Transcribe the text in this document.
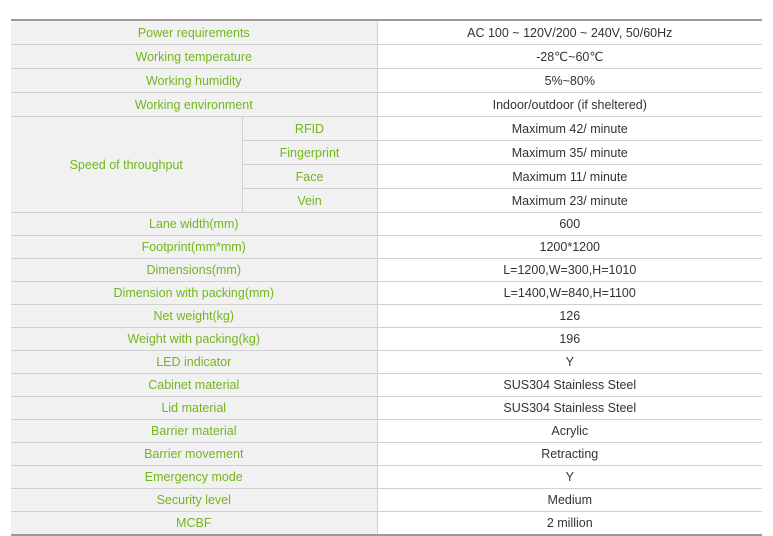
Power requirements		AC 100 ~ 120V/200 ~ 240V, 50/60Hz
Working temperature		-28℃~60℃
Working humidity		5%~80%
Working environment		Indoor/outdoor (if sheltered)
Speed of throughput	RFID	Maximum 42/ minute
	Fingerprint	Maximum 35/ minute
	Face	Maximum 11/ minute
	Vein	Maximum 23/ minute
Lane width(mm)		600
Footprint(mm*mm)		1200*1200
Dimensions(mm)		L=1200,W=300,H=1010
Dimension with packing(mm)		L=1400,W=840,H=1100
Net weight(kg)		126
Weight with packing(kg)		196
LED indicator		Y
Cabinet material		SUS304 Stainless Steel
Lid material		SUS304 Stainless Steel
Barrier material		Acrylic
Barrier movement		Retracting
Emergency mode		Y
Security level		Medium
MCBF		2 million
